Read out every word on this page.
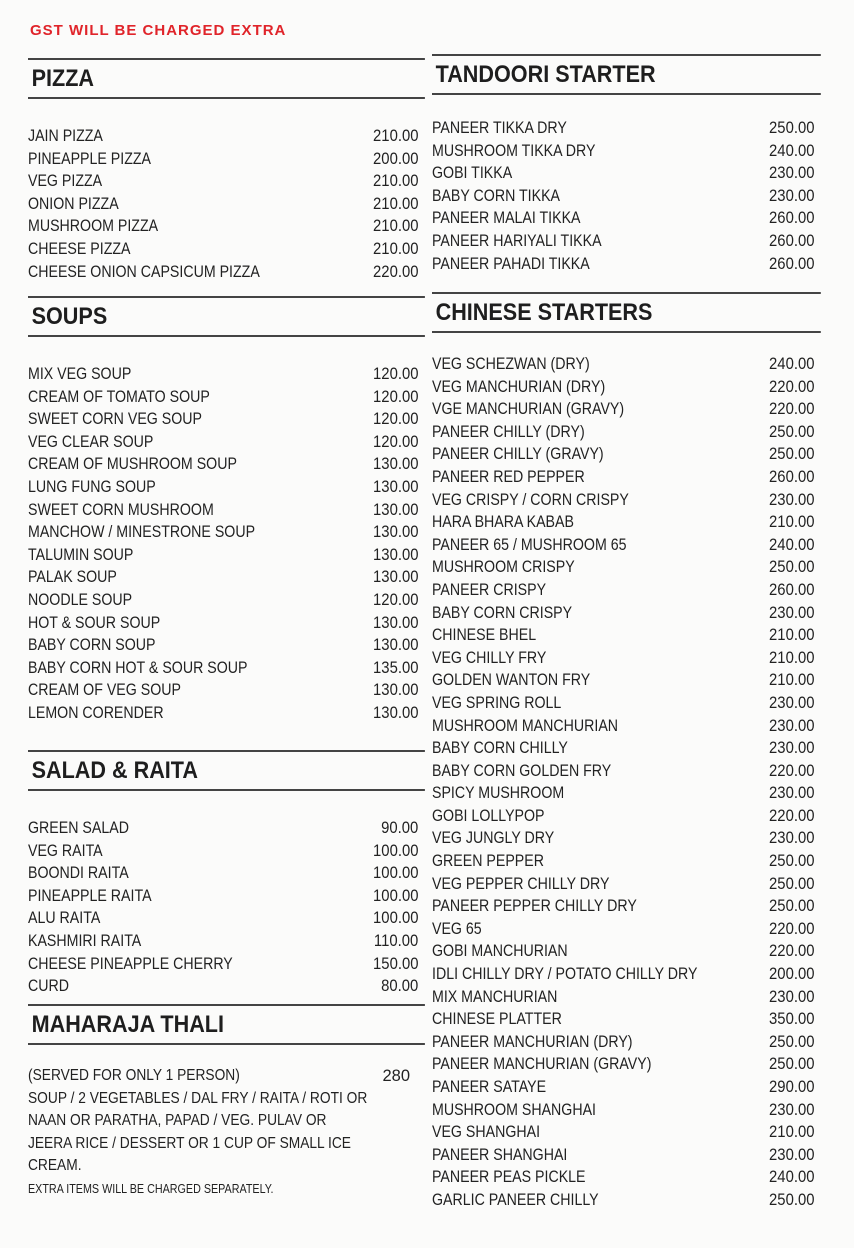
GST WILL BE CHARGED EXTRA
PIZZA
JAIN PIZZA	210.00
PINEAPPLE PIZZA	200.00
VEG PIZZA	210.00
ONION PIZZA	210.00
MUSHROOM PIZZA	210.00
CHEESE PIZZA	210.00
CHEESE ONION CAPSICUM PIZZA	220.00
SOUPS
MIX VEG SOUP	120.00
CREAM OF TOMATO SOUP	120.00
SWEET CORN VEG SOUP	120.00
VEG CLEAR SOUP	120.00
CREAM OF MUSHROOM SOUP	130.00
LUNG FUNG SOUP	130.00
SWEET CORN MUSHROOM	130.00
MANCHOW / MINESTRONE SOUP	130.00
TALUMIN SOUP	130.00
PALAK SOUP	130.00
NOODLE SOUP	120.00
HOT & SOUR SOUP	130.00
BABY CORN SOUP	130.00
BABY CORN HOT & SOUR SOUP	135.00
CREAM OF VEG SOUP	130.00
LEMON CORENDER	130.00
SALAD & RAITA
GREEN SALAD	90.00
VEG RAITA	100.00
BOONDI RAITA	100.00
PINEAPPLE RAITA	100.00
ALU RAITA	100.00
KASHMIRI RAITA	110.00
CHEESE PINEAPPLE CHERRY	150.00
CURD	80.00
MAHARAJA THALI
280
(SERVED FOR ONLY 1 PERSON)
SOUP / 2 VEGETABLES / DAL FRY / RAITA / ROTI OR
NAAN OR PARATHA, PAPAD / VEG. PULAV OR
JEERA RICE / DESSERT OR 1 CUP OF SMALL ICE
CREAM.
EXTRA ITEMS WILL BE CHARGED SEPARATELY.
TANDOORI STARTER
PANEER TIKKA DRY	250.00
MUSHROOM TIKKA DRY	240.00
GOBI TIKKA	230.00
BABY CORN TIKKA	230.00
PANEER MALAI TIKKA	260.00
PANEER HARIYALI TIKKA	260.00
PANEER PAHADI TIKKA	260.00
CHINESE STARTERS
VEG SCHEZWAN (DRY)	240.00
VEG MANCHURIAN (DRY)	220.00
VGE MANCHURIAN (GRAVY)	220.00
PANEER CHILLY (DRY)	250.00
PANEER CHILLY (GRAVY)	250.00
PANEER RED PEPPER	260.00
VEG CRISPY / CORN CRISPY	230.00
HARA BHARA KABAB	210.00
PANEER 65 / MUSHROOM 65	240.00
MUSHROOM CRISPY	250.00
PANEER CRISPY	260.00
BABY CORN CRISPY	230.00
CHINESE BHEL	210.00
VEG CHILLY FRY	210.00
GOLDEN WANTON FRY	210.00
VEG SPRING ROLL	230.00
MUSHROOM MANCHURIAN	230.00
BABY CORN CHILLY	230.00
BABY CORN GOLDEN FRY	220.00
SPICY MUSHROOM	230.00
GOBI LOLLYPOP	220.00
VEG JUNGLY DRY	230.00
GREEN PEPPER	250.00
VEG PEPPER CHILLY DRY	250.00
PANEER PEPPER CHILLY DRY	250.00
VEG 65	220.00
GOBI MANCHURIAN	220.00
IDLI CHILLY DRY / POTATO CHILLY DRY	200.00
MIX MANCHURIAN	230.00
CHINESE PLATTER	350.00
PANEER MANCHURIAN (DRY)	250.00
PANEER MANCHURIAN (GRAVY)	250.00
PANEER SATAYE	290.00
MUSHROOM SHANGHAI	230.00
VEG SHANGHAI	210.00
PANEER SHANGHAI	230.00
PANEER PEAS PICKLE	240.00
GARLIC PANEER CHILLY	250.00
